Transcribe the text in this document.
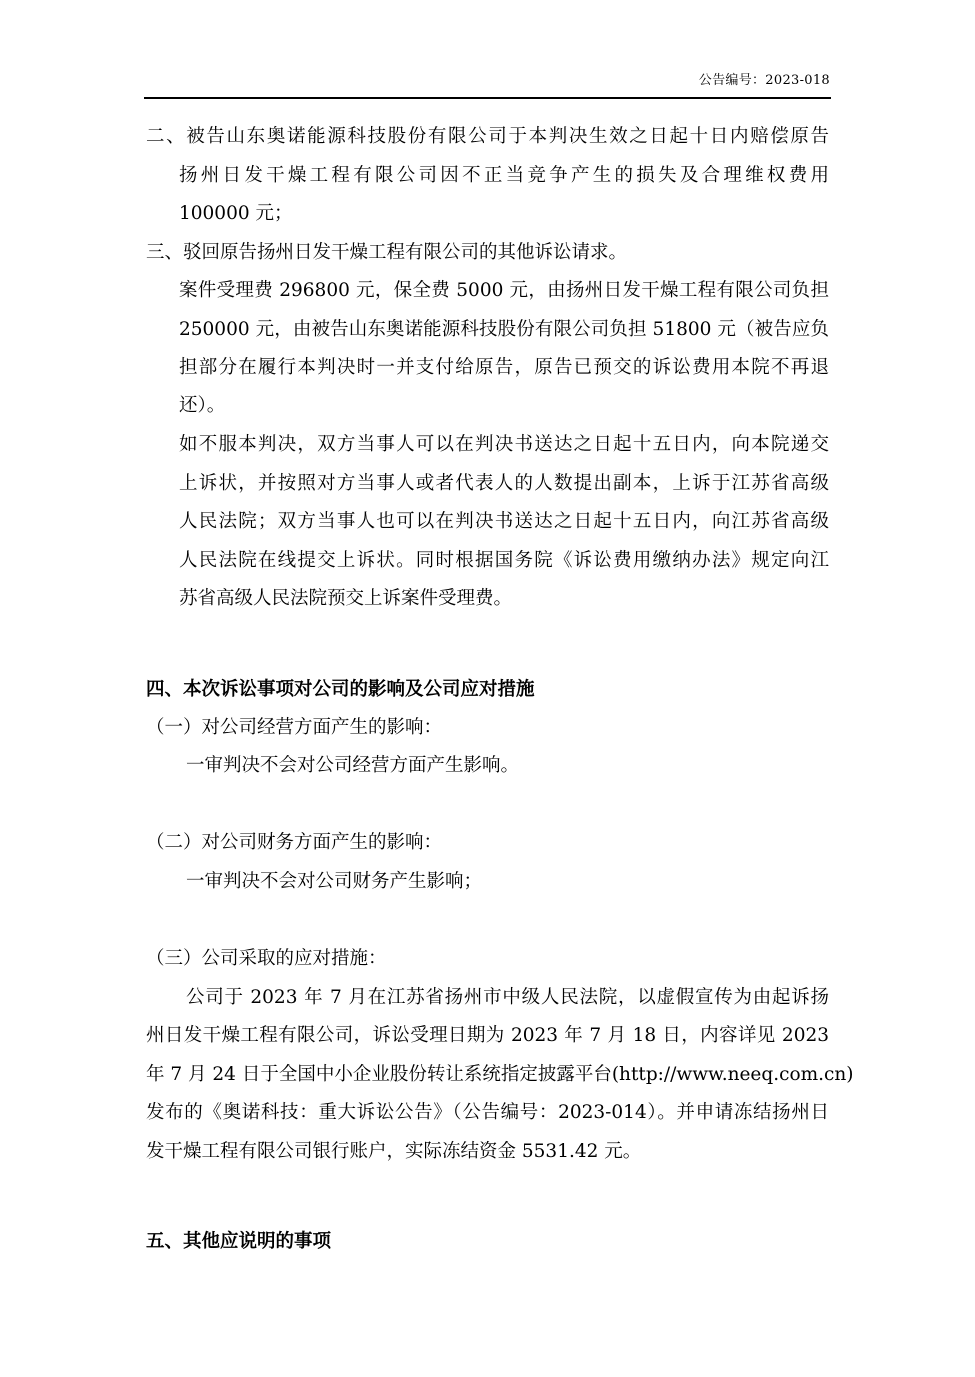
公告编号：2023-018
二、被告山东奥诺能源科技股份有限公司于本判决生效之日起十日内赔偿原告
扬州日发干燥工程有限公司因不正当竞争产生的损失及合理维权费用
100000 元；
三、驳回原告扬州日发干燥工程有限公司的其他诉讼请求。
案件受理费 296800 元，保全费 5000 元，由扬州日发干燥工程有限公司负担
250000 元，由被告山东奥诺能源科技股份有限公司负担 51800 元（被告应负
担部分在履行本判决时一并支付给原告，原告已预交的诉讼费用本院不再退
还）。
如不服本判决，双方当事人可以在判决书送达之日起十五日内，向本院递交
上诉状，并按照对方当事人或者代表人的人数提出副本，上诉于江苏省高级
人民法院；双方当事人也可以在判决书送达之日起十五日内，向江苏省高级
人民法院在线提交上诉状。同时根据国务院《诉讼费用缴纳办法》规定向江
苏省高级人民法院预交上诉案件受理费。
四、本次诉讼事项对公司的影响及公司应对措施
（一）对公司经营方面产生的影响：
一审判决不会对公司经营方面产生影响。
（二）对公司财务方面产生的影响：
一审判决不会对公司财务产生影响；
（三）公司采取的应对措施：
公司于 2023 年 7 月在江苏省扬州市中级人民法院，以虚假宣传为由起诉扬
州日发干燥工程有限公司，诉讼受理日期为 2023 年 7 月 18 日，内容详见 2023
年 7 月 24 日于全国中小企业股份转让系统指定披露平台(http://www.neeq.com.cn)
发布的《奥诺科技：重大诉讼公告》（公告编号：2023-014）。并申请冻结扬州日
发干燥工程有限公司银行账户，实际冻结资金 5531.42 元。
五、其他应说明的事项
